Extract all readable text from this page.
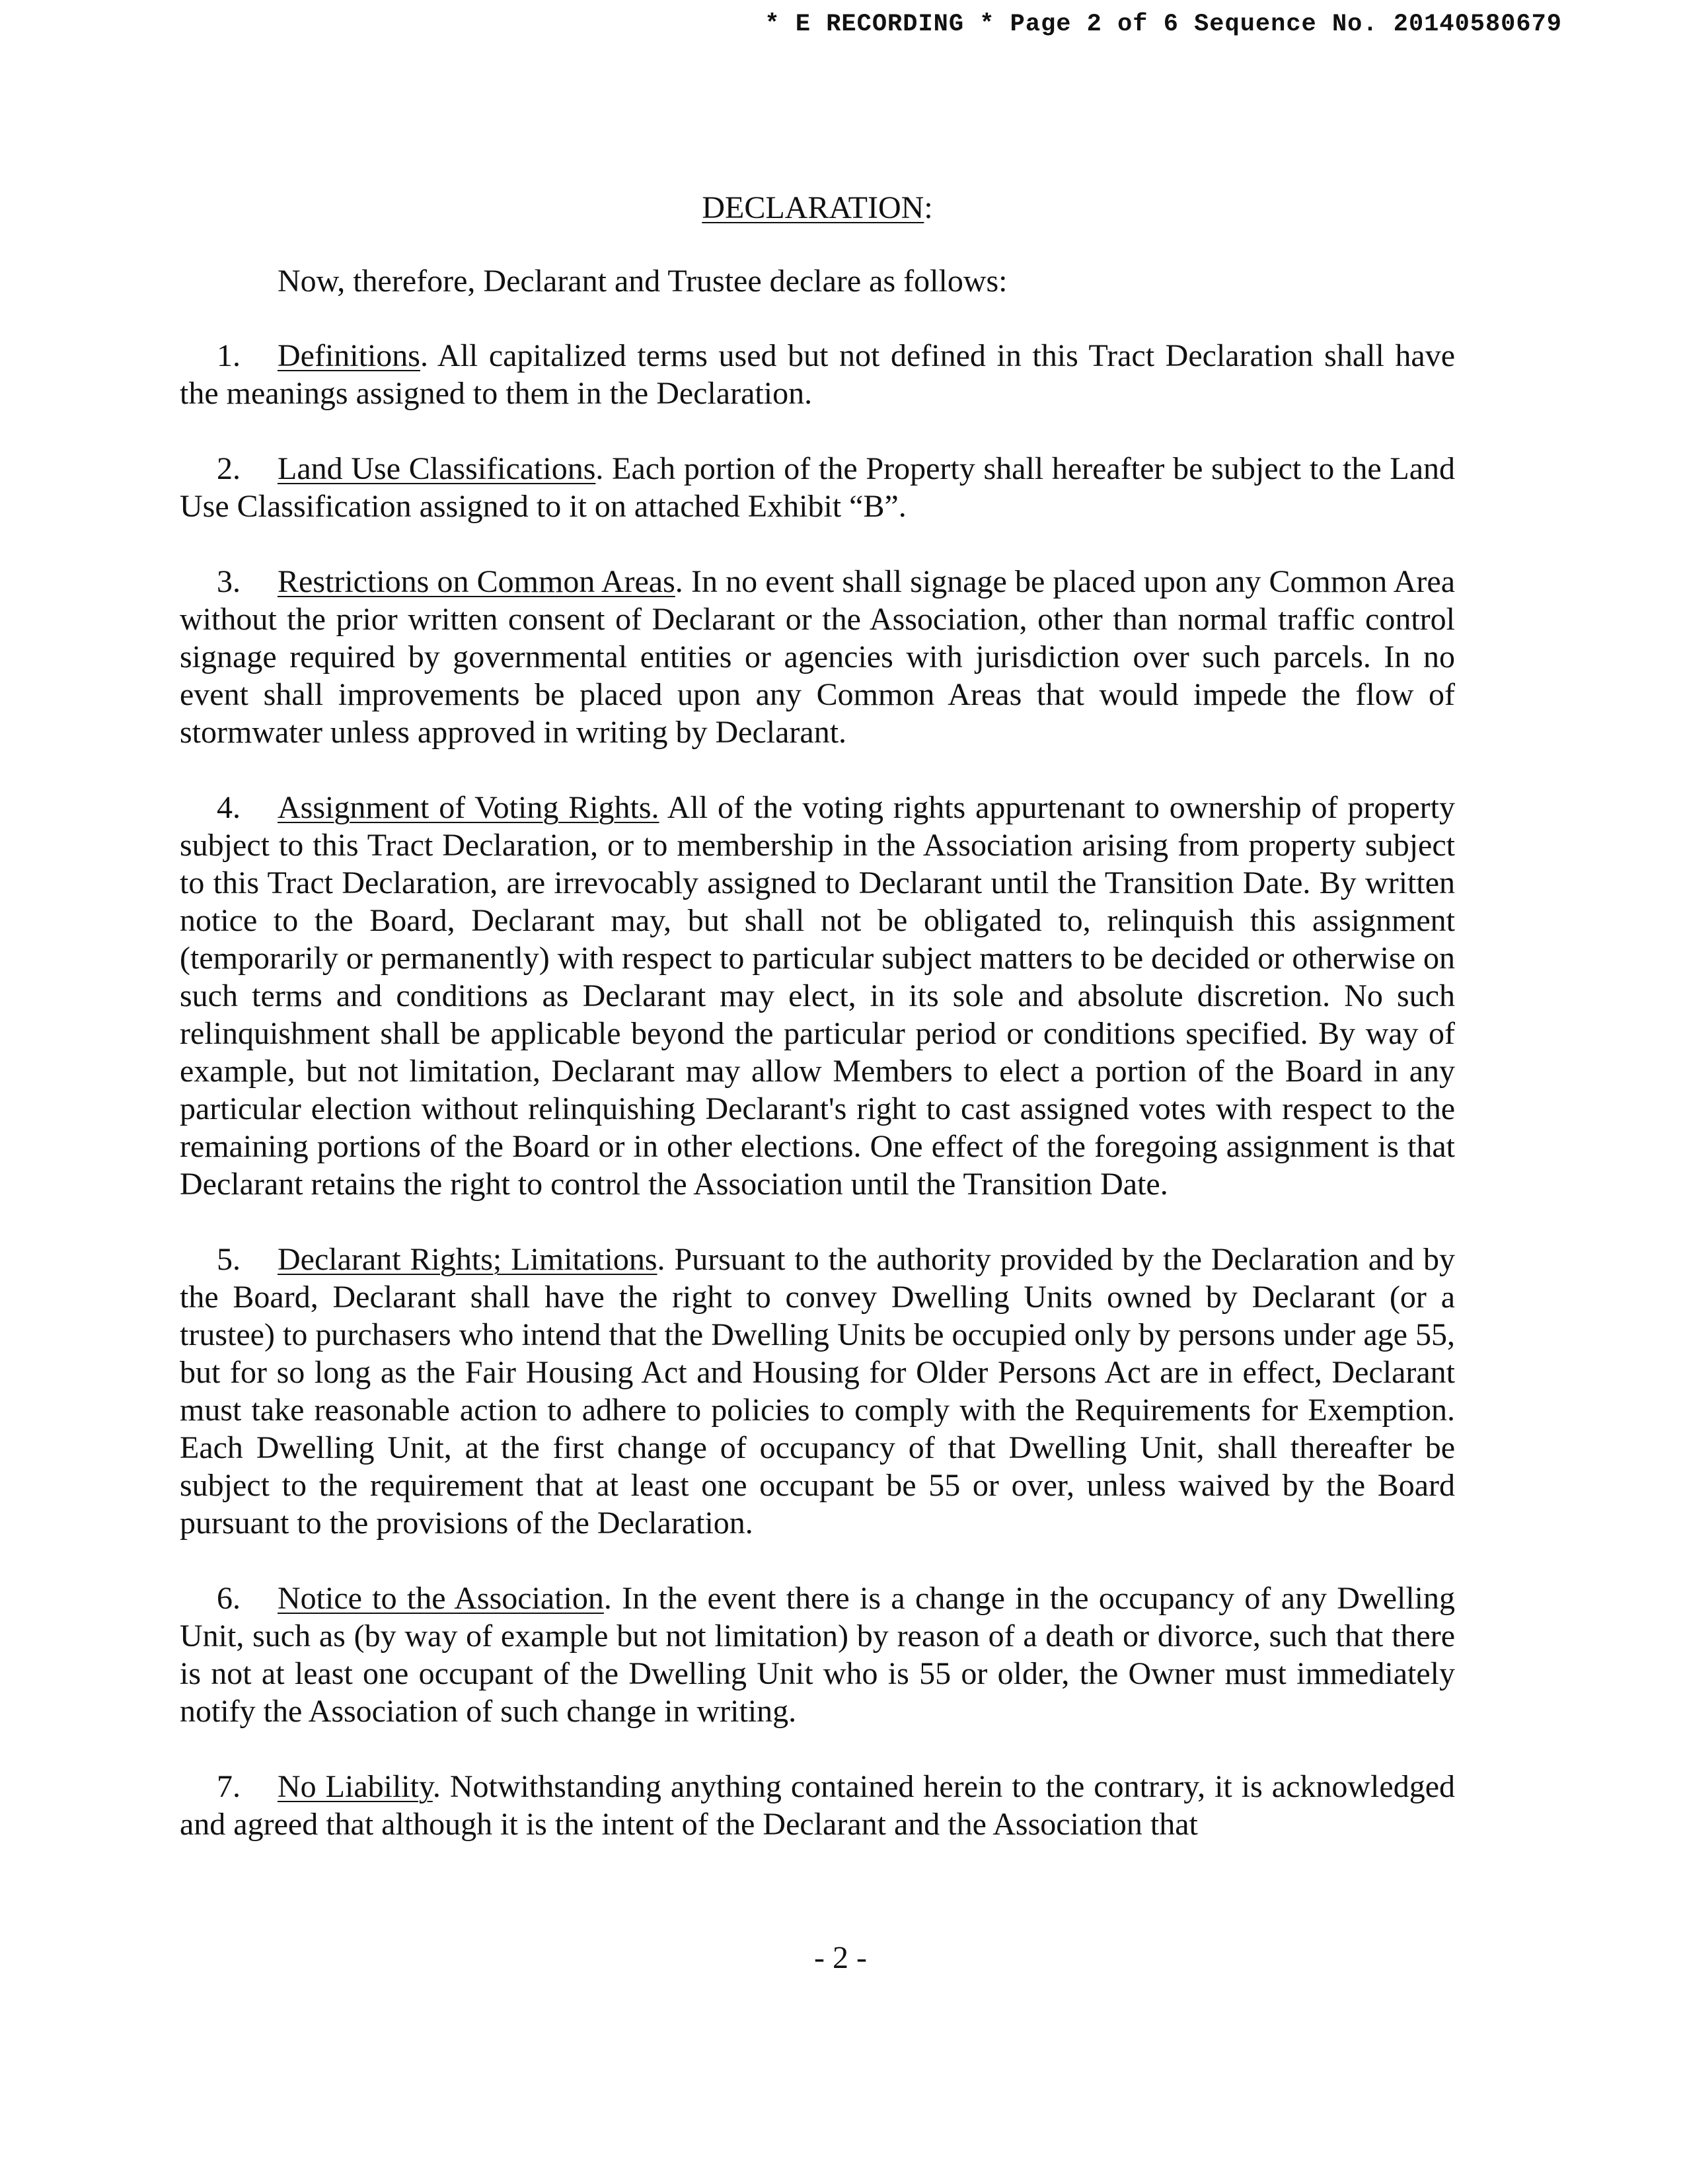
* E RECORDING * Page 2 of 6 Sequence No. 20140580679

DECLARATION:

Now, therefore, Declarant and Trustee declare as follows:

1. Definitions. All capitalized terms used but not defined in this Tract Declaration shall have the meanings assigned to them in the Declaration.

2. Land Use Classifications. Each portion of the Property shall hereafter be subject to the Land Use Classification assigned to it on attached Exhibit “B”.

3. Restrictions on Common Areas. In no event shall signage be placed upon any Common Area without the prior written consent of Declarant or the Association, other than normal traffic control signage required by governmental entities or agencies with jurisdiction over such parcels. In no event shall improvements be placed upon any Common Areas that would impede the flow of stormwater unless approved in writing by Declarant.

4. Assignment of Voting Rights. All of the voting rights appurtenant to ownership of property subject to this Tract Declaration, or to membership in the Association arising from property subject to this Tract Declaration, are irrevocably assigned to Declarant until the Transition Date. By written notice to the Board, Declarant may, but shall not be obligated to, relinquish this assignment (temporarily or permanently) with respect to particular subject matters to be decided or otherwise on such terms and conditions as Declarant may elect, in its sole and absolute discretion. No such relinquishment shall be applicable beyond the particular period or conditions specified. By way of example, but not limitation, Declarant may allow Members to elect a portion of the Board in any particular election without relinquishing Declarant's right to cast assigned votes with respect to the remaining portions of the Board or in other elections. One effect of the foregoing assignment is that Declarant retains the right to control the Association until the Transition Date.

5. Declarant Rights; Limitations. Pursuant to the authority provided by the Declaration and by the Board, Declarant shall have the right to convey Dwelling Units owned by Declarant (or a trustee) to purchasers who intend that the Dwelling Units be occupied only by persons under age 55, but for so long as the Fair Housing Act and Housing for Older Persons Act are in effect, Declarant must take reasonable action to adhere to policies to comply with the Requirements for Exemption. Each Dwelling Unit, at the first change of occupancy of that Dwelling Unit, shall thereafter be subject to the requirement that at least one occupant be 55 or over, unless waived by the Board pursuant to the provisions of the Declaration.

6. Notice to the Association. In the event there is a change in the occupancy of any Dwelling Unit, such as (by way of example but not limitation) by reason of a death or divorce, such that there is not at least one occupant of the Dwelling Unit who is 55 or older, the Owner must immediately notify the Association of such change in writing.

7. No Liability. Notwithstanding anything contained herein to the contrary, it is acknowledged and agreed that although it is the intent of the Declarant and the Association that

- 2 -
